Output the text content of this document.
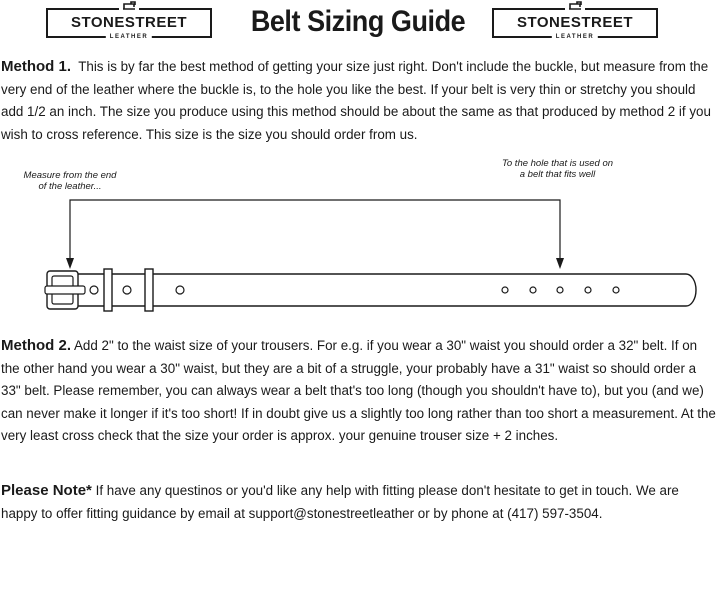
STONESTREET
LEATHER	Belt Sizing Guide	STONESTREET
LEATHER

Method 1. This is by far the best method of getting your size just right. Don't include the buckle, but measure from the very end of the leather where the buckle is, to the hole you like the best. If your belt is very thin or stretchy you should add 1/2 an inch. The size you produce using this method should be about the same as that produced by method 2 if you wish to cross reference. This size is the size you should order from us.

Measure from the end of the leather...
To the hole that is used on a belt that fits well

Method 2. Add 2" to the waist size of your trousers. For e.g. if you wear a 30" waist you should order a 32" belt. If on the other hand you wear a 30" waist, but they are a bit of a struggle, your probably have a 31" waist so should order a 33" belt. Please remember, you can always wear a belt that's too long (though you shouldn't have to), but you (and we) can never make it longer if it's too short! If in doubt give us a slightly too long rather than too short a measurement. At the very least cross check that the size your order is approx. your genuine trouser size + 2 inches.

Please Note* If have any questinos or you'd like any help with fitting please don't hesitate to get in touch. We are happy to offer fitting guidance by email at support@stonestreetleather or by phone at (417) 597-3504.
